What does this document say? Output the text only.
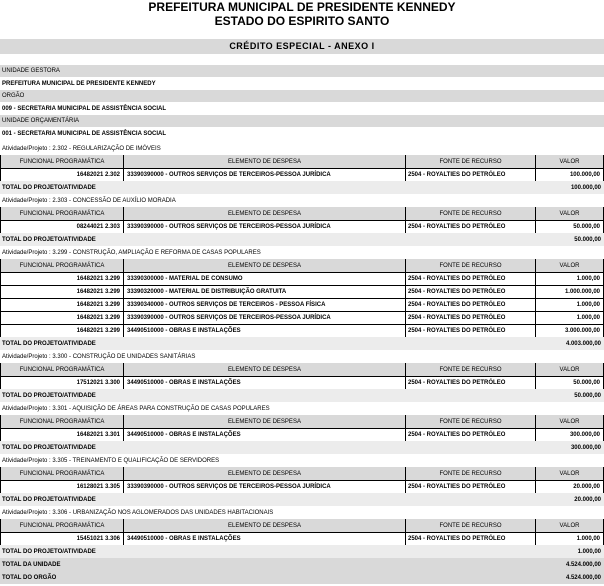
PREFEITURA MUNICIPAL DE PRESIDENTE KENNEDY
ESTADO DO ESPIRITO SANTO
CRÉDITO ESPECIAL - ANEXO I
UNIDADE GESTORA
PREFEITURA MUNICIPAL DE PRESIDENTE KENNEDY
ORGÃO
009 - SECRETARIA MUNICIPAL DE ASSISTÊNCIA SOCIAL
UNIDADE ORÇAMENTÁRIA
001 - SECRETARIA MUNICIPAL DE ASSISTÊNCIA SOCIAL
Atividade/Projeto : 2.302 - REGULARIZAÇÃO DE IMÓVEIS
FUNCIONAL PROGRAMÁTICA	ELEMENTO DE DESPESA	FONTE DE RECURSO	VALOR
16482021 2.302	33390390000 - OUTROS SERVIÇOS DE TERCEIROS-PESSOA JURÍDICA	2504 - ROYALTIES DO PETRÓLEO	100.000,00
TOTAL DO PROJETO/ATIVIDADE	100.000,00
Atividade/Projeto : 2.303 - CONCESSÃO DE AUXÍLIO MORADIA
FUNCIONAL PROGRAMÁTICA	ELEMENTO DE DESPESA	FONTE DE RECURSO	VALOR
08244021 2.303	33390390000 - OUTROS SERVIÇOS DE TERCEIROS-PESSOA JURÍDICA	2504 - ROYALTIES DO PETRÓLEO	50.000,00
TOTAL DO PROJETO/ATIVIDADE	50.000,00
Atividade/Projeto : 3.299 - CONSTRUÇÃO, AMPLIAÇÃO E REFORMA DE CASAS POPULARES
FUNCIONAL PROGRAMÁTICA	ELEMENTO DE DESPESA	FONTE DE RECURSO	VALOR
16482021 3.299	33390300000 - MATERIAL DE CONSUMO	2504 - ROYALTIES DO PETRÓLEO	1.000,00
16482021 3.299	33390320000 - MATERIAL DE DISTRIBUIÇÃO GRATUITA	2504 - ROYALTIES DO PETRÓLEO	1.000.000,00
16482021 3.299	33390340000 - OUTROS SERVIÇOS DE TERCEIROS - PESSOA FÍSICA	2504 - ROYALTIES DO PETRÓLEO	1.000,00
16482021 3.299	33390390000 - OUTROS SERVIÇOS DE TERCEIROS-PESSOA JURÍDICA	2504 - ROYALTIES DO PETRÓLEO	1.000,00
16482021 3.299	34490510000 - OBRAS E INSTALAÇÕES	2504 - ROYALTIES DO PETRÓLEO	3.000.000,00
TOTAL DO PROJETO/ATIVIDADE	4.003.000,00
Atividade/Projeto : 3.300 - CONSTRUÇÃO DE UNIDADES SANITÁRIAS
FUNCIONAL PROGRAMÁTICA	ELEMENTO DE DESPESA	FONTE DE RECURSO	VALOR
17512021 3.300	34490510000 - OBRAS E INSTALAÇÕES	2504 - ROYALTIES DO PETRÓLEO	50.000,00
TOTAL DO PROJETO/ATIVIDADE	50.000,00
Atividade/Projeto : 3.301 - AQUISIÇÃO DE ÁREAS PARA CONSTRUÇÃO DE CASAS POPULARES
FUNCIONAL PROGRAMÁTICA	ELEMENTO DE DESPESA	FONTE DE RECURSO	VALOR
16482021 3.301	34490510000 - OBRAS E INSTALAÇÕES	2504 - ROYALTIES DO PETRÓLEO	300.000,00
TOTAL DO PROJETO/ATIVIDADE	300.000,00
Atividade/Projeto : 3.305 - TREINAMENTO E QUALIFICAÇÃO DE SERVIDORES
FUNCIONAL PROGRAMÁTICA	ELEMENTO DE DESPESA	FONTE DE RECURSO	VALOR
16128021 3.305	33390390000 - OUTROS SERVIÇOS DE TERCEIROS-PESSOA JURÍDICA	2504 - ROYALTIES DO PETRÓLEO	20.000,00
TOTAL DO PROJETO/ATIVIDADE	20.000,00
Atividade/Projeto : 3.306 - URBANIZAÇÃO NOS AGLOMERADOS DAS UNIDADES HABITACIONAIS
FUNCIONAL PROGRAMÁTICA	ELEMENTO DE DESPESA	FONTE DE RECURSO	VALOR
15451021 3.306	34490510000 - OBRAS E INSTALAÇÕES	2504 - ROYALTIES DO PETRÓLEO	1.000,00
TOTAL DO PROJETO/ATIVIDADE	1.000,00
TOTAL DA UNIDADE	4.524.000,00
TOTAL DO ORGÃO	4.524.000,00
